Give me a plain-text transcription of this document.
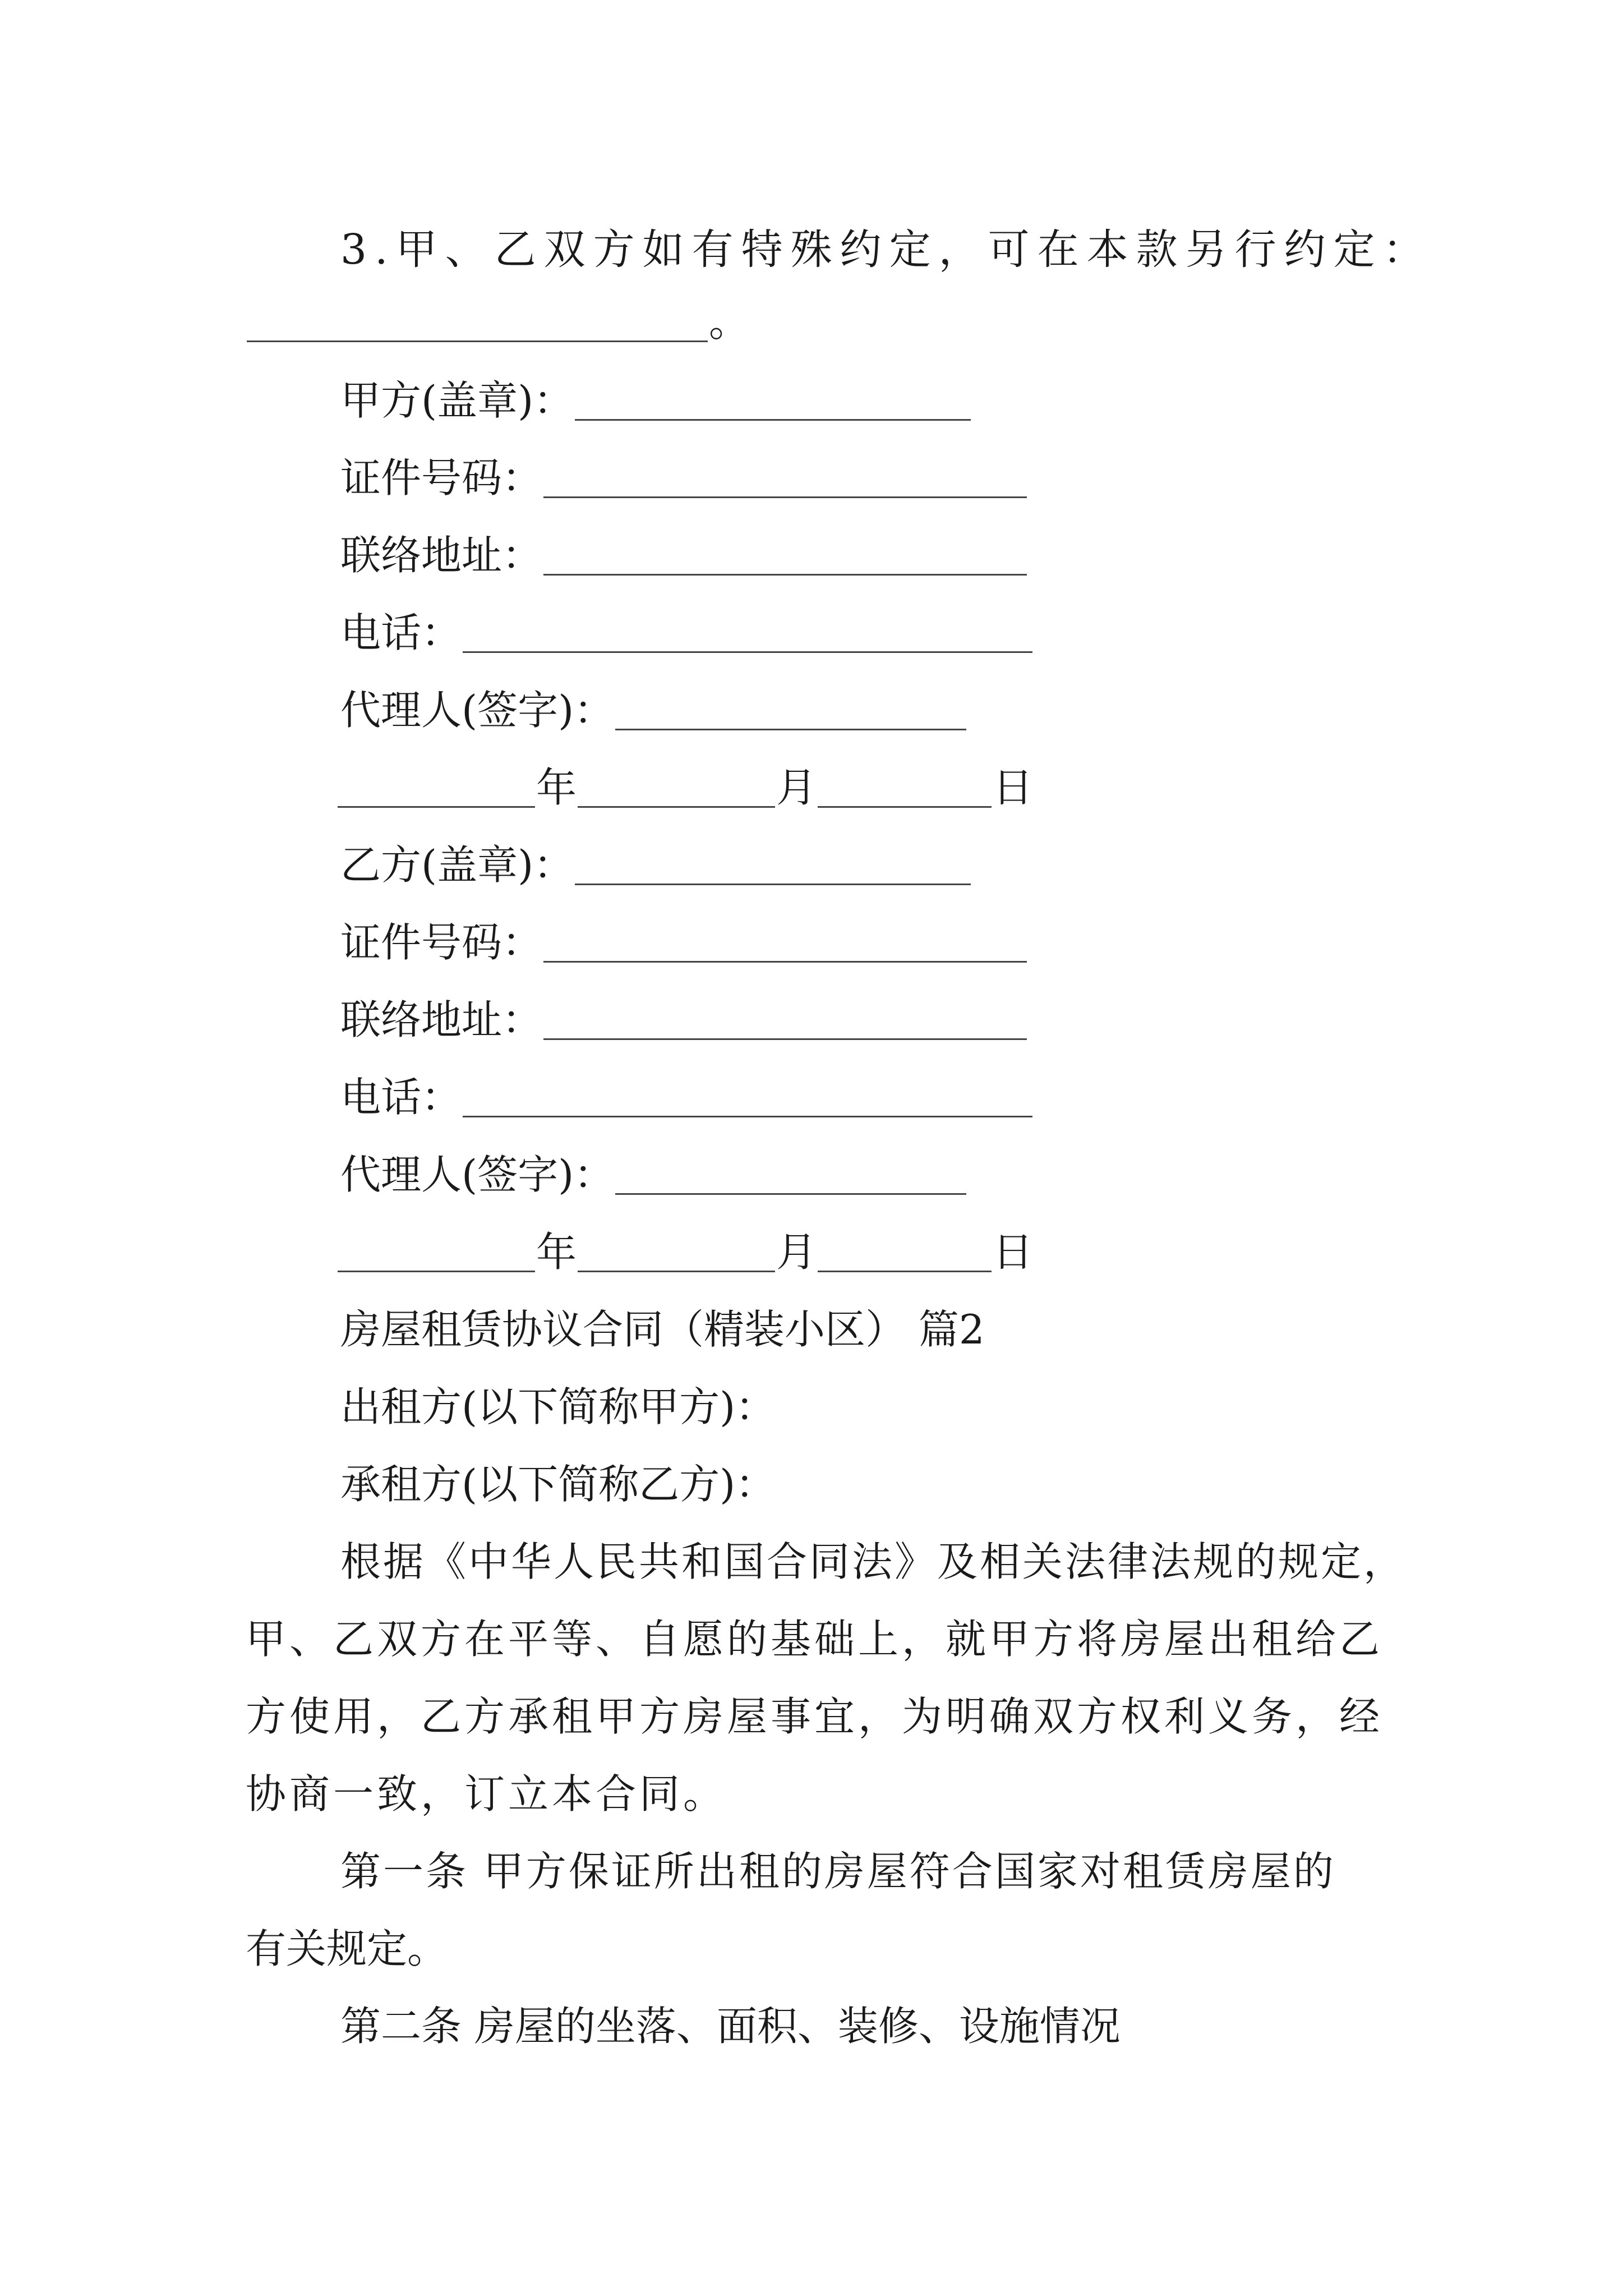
3.甲、乙双方如有特殊约定，可在本款另行约定：
。
甲方(盖章)：
证件号码：
联络地址：
电话：
代理人(签字)：
年	月	日
乙方(盖章)：
证件号码：
联络地址：
电话：
代理人(签字)：
年	月	日
房屋租赁协议合同（精装小区） 篇2
出租方(以下简称甲方)：
承租方(以下简称乙方)：
根据《中华人民共和国合同法》及相关法律法规的规定，
甲、乙双方在平等、自愿的基础上，就甲方将房屋出租给乙
方使用，乙方承租甲方房屋事宜，为明确双方权利义务，经
协商一致，订立本合同。
第一条 甲方保证所出租的房屋符合国家对租赁房屋的
有关规定。
第二条 房屋的坐落、面积、装修、设施情况
